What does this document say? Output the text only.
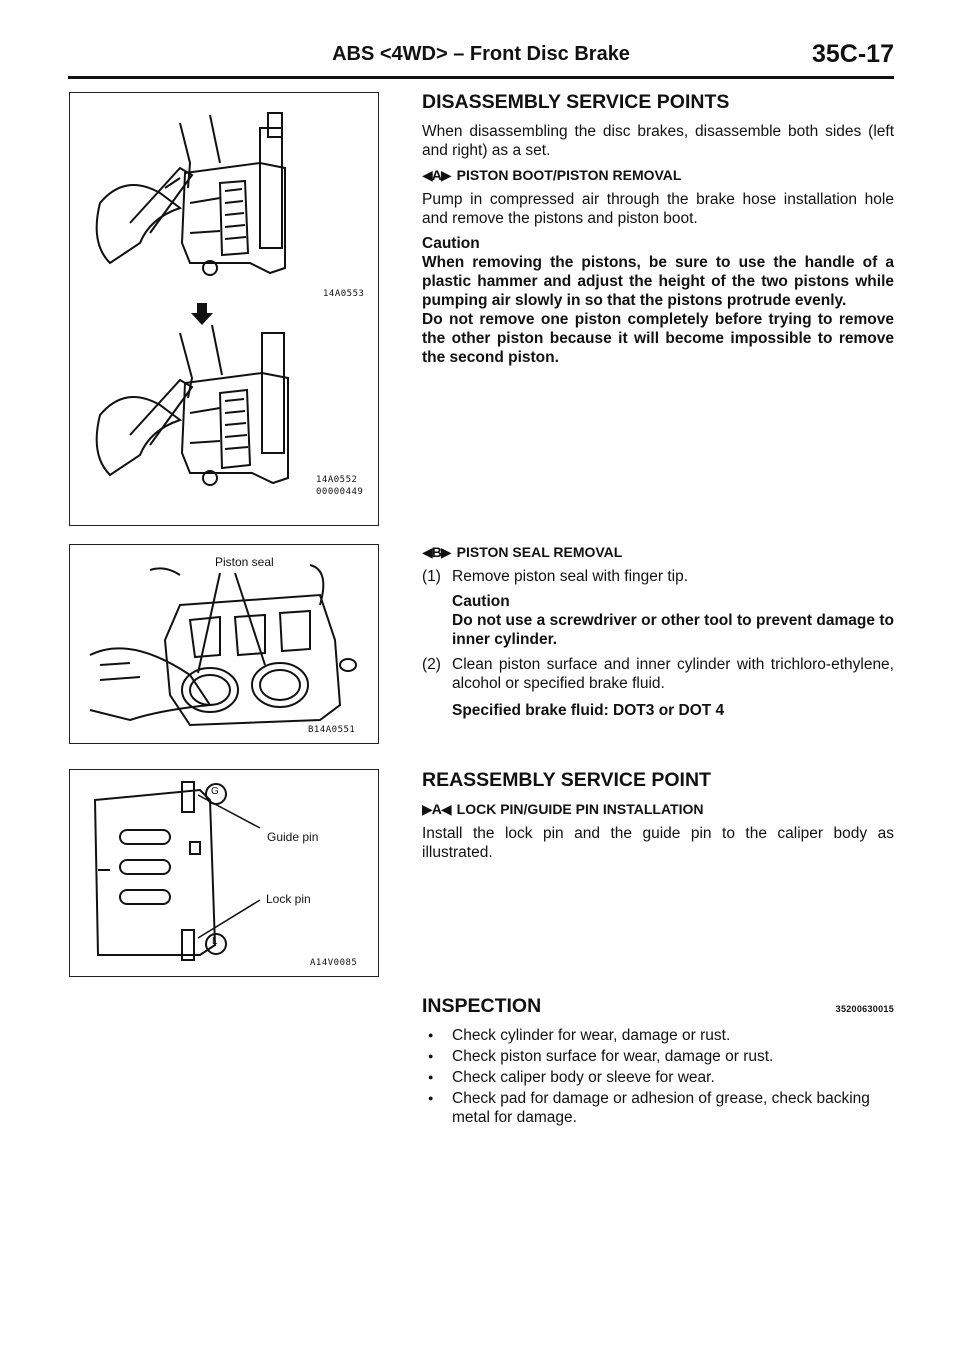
ABS <4WD> – Front Disc Brake	35C-17
14A0553
14A0552
00000449
Piston seal
B14A0551
G
L
Guide pin
Lock pin
A14V0085
DISASSEMBLY SERVICE POINTS

When disassembling the disc brakes, disassemble both sides (left and right) as a set.

◀A▶ PISTON BOOT/PISTON REMOVAL

Pump in compressed air through the brake hose installation hole and remove the pistons and piston boot.

Caution
When removing the pistons, be sure to use the handle of a plastic hammer and adjust the height of the two pistons while pumping air slowly in so that the pistons protrude evenly.
Do not remove one piston completely before trying to remove the other piston because it will become impossible to remove the second piston.
◀B▶ PISTON SEAL REMOVAL
(1) Remove piston seal with finger tip.
Caution
Do not use a screwdriver or other tool to prevent damage to inner cylinder.
(2) Clean piston surface and inner cylinder with trichloro-ethylene, alcohol or specified brake fluid.

Specified brake fluid: DOT3 or DOT 4

REASSEMBLY SERVICE POINT
▶A◀ LOCK PIN/GUIDE PIN INSTALLATION

Install the lock pin and the guide pin to the caliper body as illustrated.

INSPECTION	35200630015
● Check cylinder for wear, damage or rust.
● Check piston surface for wear, damage or rust.
● Check caliper body or sleeve for wear.
● Check pad for damage or adhesion of grease, check backing metal for damage.
